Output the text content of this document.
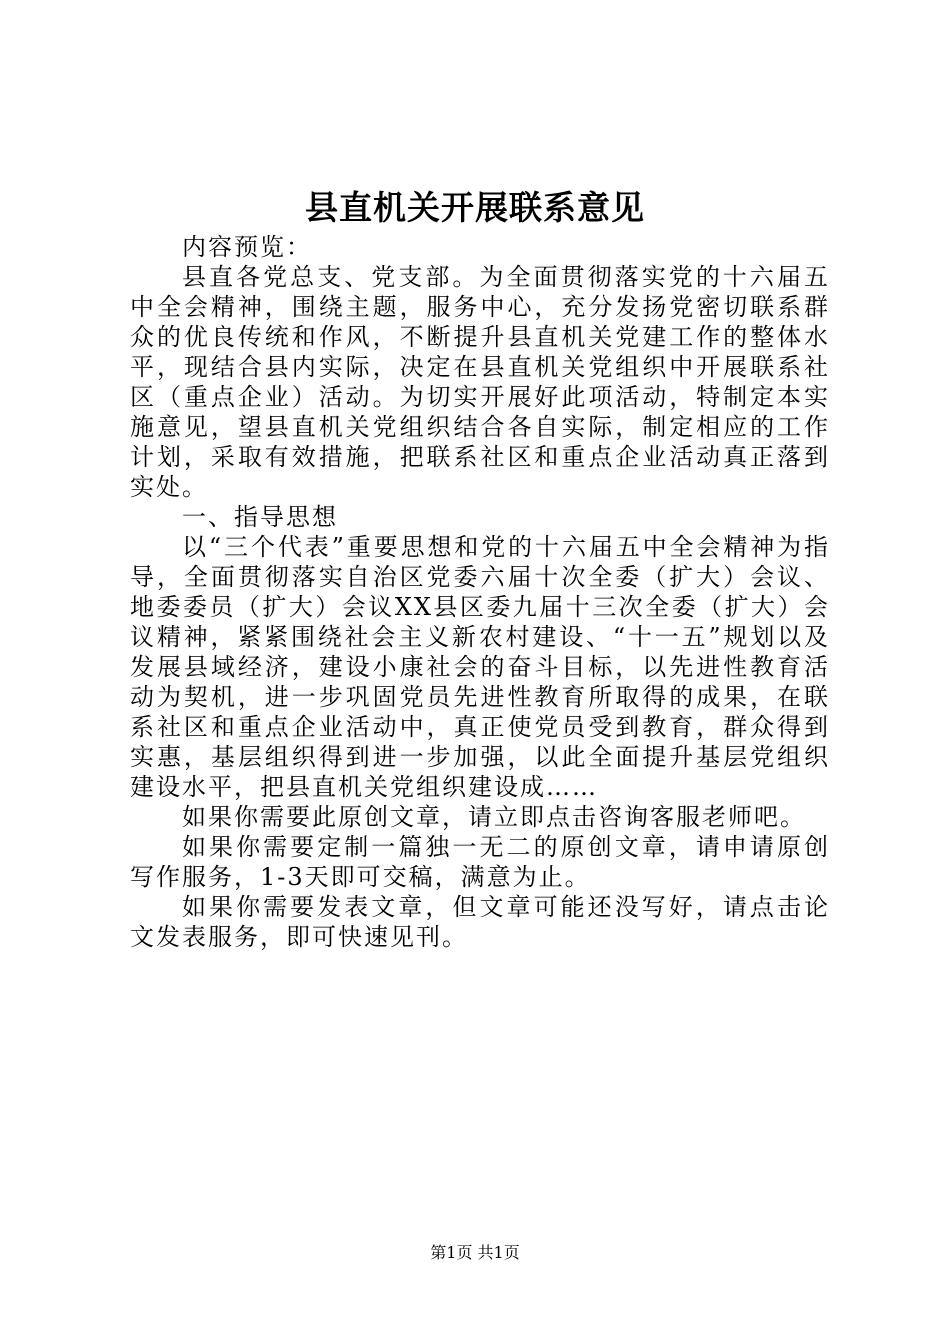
县直机关开展联系意见

内容预览：

县直各党总支、党支部。为全面贯彻落实党的十六届五中全会精神，围绕主题，服务中心，充分发扬党密切联系群众的优良传统和作风，不断提升县直机关党建工作的整体水平，现结合县内实际，决定在县直机关党组织中开展联系社区（重点企业）活动。为切实开展好此项活动，特制定本实施意见，望县直机关党组织结合各自实际，制定相应的工作计划，采取有效措施，把联系社区和重点企业活动真正落到实处。

一、指导思想

以“三个代表”重要思想和党的十六届五中全会精神为指导，全面贯彻落实自治区党委六届十次全委（扩大）会议、地委委员（扩大）会议XX县区委九届十三次全委（扩大）会议精神，紧紧围绕社会主义新农村建设、“十一五”规划以及发展县域经济，建设小康社会的奋斗目标，以先进性教育活动为契机，进一步巩固党员先进性教育所取得的成果，在联系社区和重点企业活动中，真正使党员受到教育，群众得到实惠，基层组织得到进一步加强，以此全面提升基层党组织建设水平，把县直机关党组织建设成……

如果你需要此原创文章，请立即点击咨询客服老师吧。

如果你需要定制一篇独一无二的原创文章，请申请原创写作服务，1-3天即可交稿，满意为止。

如果你需要发表文章，但文章可能还没写好，请点击论文发表服务，即可快速见刊。

第1页 共1页
